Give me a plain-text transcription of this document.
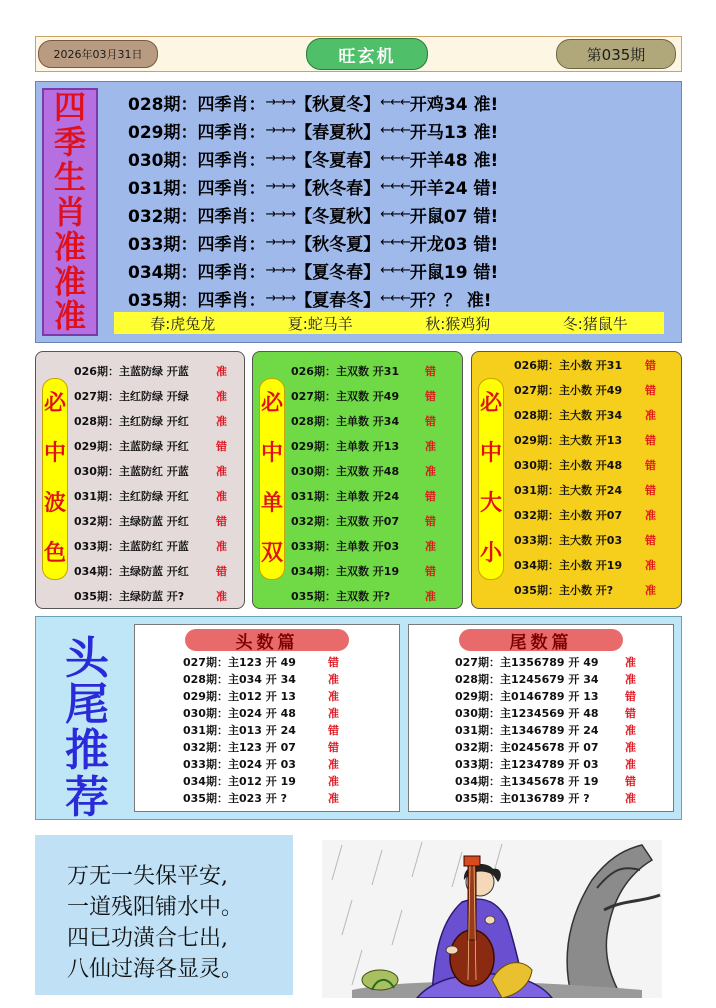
2026年03月31日	旺玄机	第035期
四
季
生
肖
准
准
准
028期：四季肖： →→→ 【秋夏冬】 ←←← 开鸡34 准!
029期：四季肖： →→→ 【春夏秋】 ←←← 开马13 准!
030期：四季肖： →→→ 【冬夏春】 ←←← 开羊48 准!
031期：四季肖： →→→ 【秋冬春】 ←←← 开羊24 错!
032期：四季肖： →→→ 【冬夏秋】 ←←← 开鼠07 错!
033期：四季肖： →→→ 【秋冬夏】 ←←← 开龙03 错!
034期：四季肖： →→→ 【夏冬春】 ←←← 开鼠19 错!
035期：四季肖： →→→ 【夏春冬】 ←←← 开？？ 准!
春:虎兔龙	夏:蛇马羊	秋:猴鸡狗	冬:猪鼠牛
必
中
波
色
026期：主蓝防绿 开蓝 准
027期：主红防绿 开绿 准
028期：主红防绿 开红 准
029期：主蓝防绿 开红 错
030期：主蓝防红 开蓝 准
031期：主红防绿 开红 准
032期：主绿防蓝 开红 错
033期：主蓝防红 开蓝 准
034期：主绿防蓝 开红 错
035期：主绿防蓝 开?	准
必
中
单
双
026期：主双数 开31 错
027期：主双数 开49 错
028期：主单数 开34 错
029期：主单数 开13 准
030期：主双数 开48 准
031期：主单数 开24 错
032期：主双数 开07 错
033期：主单数 开03 准
034期：主双数 开19 错
035期：主双数 开?	准
必
中
大
小
026期：主小数 开31 错
027期：主小数 开49 错
028期：主大数 开34 准
029期：主大数 开13 错
030期：主小数 开48 错
031期：主大数 开24 错
032期：主小数 开07 准
033期：主大数 开03 错
034期：主小数 开19 准
035期：主小数 开?	准
头
尾
推
荐
头数篇
027期：主123 开 49	错
028期：主034 开 34	准
029期：主012 开 13	准
030期：主024 开 48	准
031期：主013 开 24	错
032期：主123 开 07	错
033期：主024 开 03	准
034期：主012 开 19	准
035期：主023 开 ?	准
尾数篇
027期：主1356789 开 49 准
028期：主1245679 开 34 准
029期：主0146789 开 13 错
030期：主1234569 开 48 错
031期：主1346789 开 24 准
032期：主0245678 开 07 准
033期：主1234789 开 03 准
034期：主1345678 开 19 错
035期：主0136789 开 ?	准
万无一失保平安,
一道残阳铺水中。
四已功潢合七出,
八仙过海各显灵。
